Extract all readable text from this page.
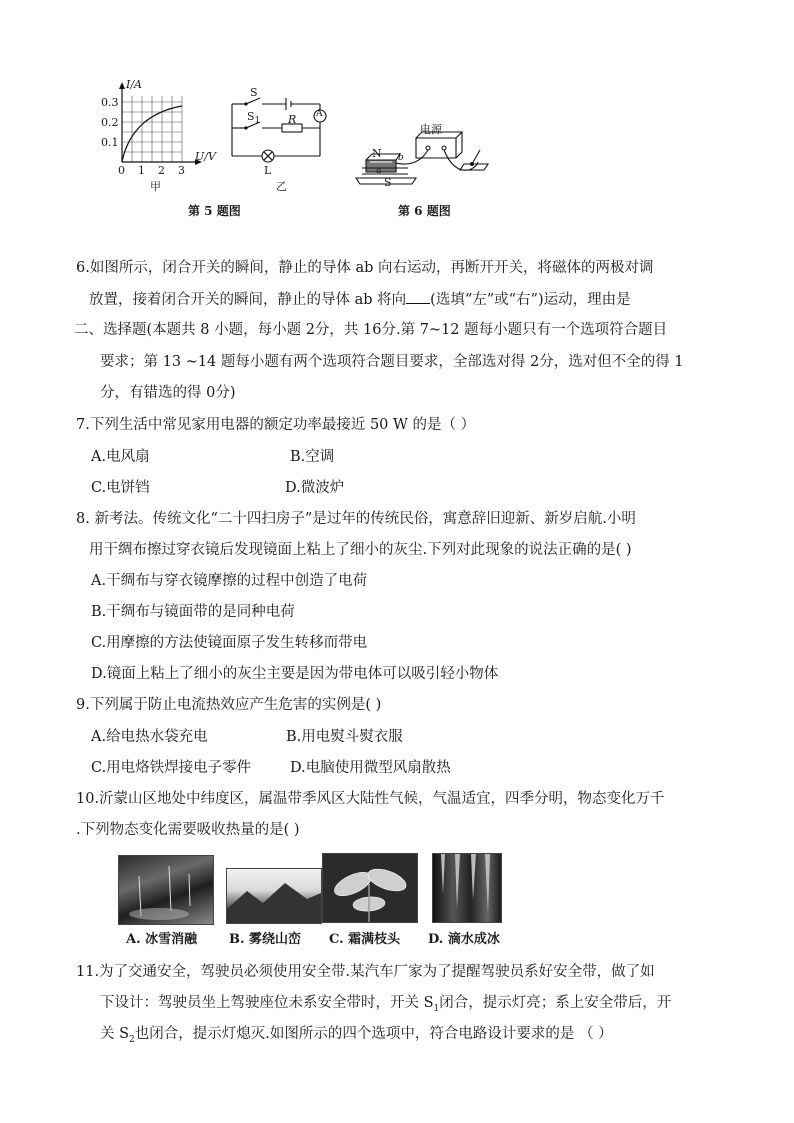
I/A
U/V
0.3
0.2
0.1
0 1 2 3
甲
S
$S_1$	R A
L
乙
第 5 题图
电源
N
S
a
b
第 6 题图
6.如图所示，闭合开关的瞬间，静止的导体 ab 向右运动，再断开开关，将磁体的两极对调
放置，接着闭合开关的瞬间，静止的导体 ab 将向 (选填“左”或“右”)运动，理由是
二、选择题(本题共 8 小题，每小题 2分，共 16分.第 7~12 题每小题只有一个选项符合题目
要求；第 13 ~14 题每小题有两个选项符合题目要求，全部选对得 2分，选对但不全的得 1
分，有错选的得 0分)
7.下列生活中常见家用电器的额定功率最接近 50 W 的是（ ）
A.电风扇	B.空调
C.电饼铛	D.微波炉
8. 新考法。传统文化“二十四扫房子”是过年的传统民俗，寓意辞旧迎新、新岁启航.小明
用干绸布擦过穿衣镜后发现镜面上粘上了细小的灰尘.下列对此现象的说法正确的是( )
A.干绸布与穿衣镜摩擦的过程中创造了电荷
B.干绸布与镜面带的是同种电荷
C.用摩擦的方法使镜面原子发生转移而带电
D.镜面上粘上了细小的灰尘主要是因为带电体可以吸引轻小物体
9.下列属于防止电流热效应产生危害的实例是( )
A.给电热水袋充电	B.用电熨斗熨衣服
C.用电烙铁焊接电子零件	D.电脑使用微型风扇散热
10.沂蒙山区地处中纬度区，属温带季风区大陆性气候，气温适宜，四季分明，物态变化万千
.下列物态变化需要吸收热量的是( )
A. 冰雪消融 B. 雾绕山峦 C. 霜满枝头 D. 滴水成冰
11.为了交通安全，驾驶员必须使用安全带.某汽车厂家为了提醒驾驶员系好安全带，做了如
下设计：驾驶员坐上驾驶座位未系安全带时，开关 $S_1$闭合，提示灯亮；系上安全带后，开
关 $S_2$也闭合，提示灯熄灭.如图所示的四个选项中，符合电路设计要求的是 （ ）
